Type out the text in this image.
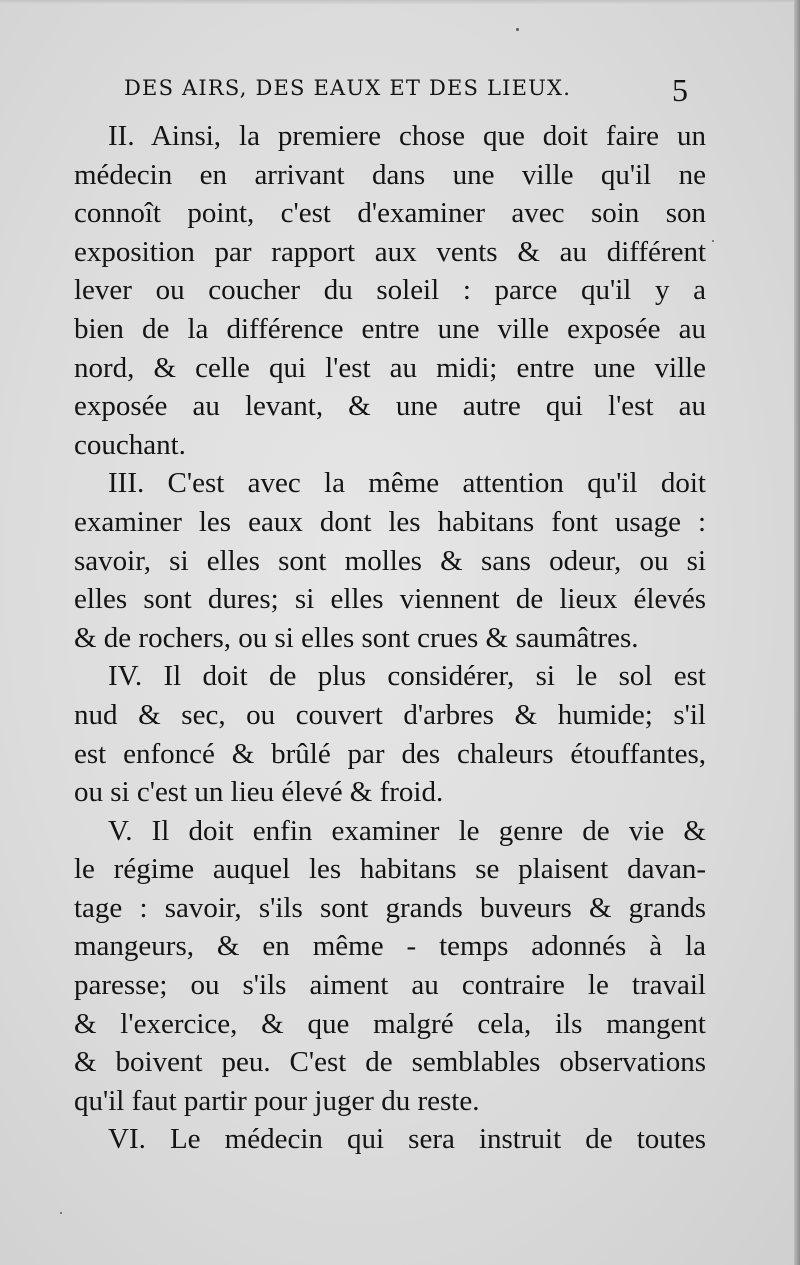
DES AIRS, DES EAUX ET DES LIEUX.	5
II. Ainsi, la premiere chose que doit faire un
médecin en arrivant dans une ville qu'il ne
connoît point, c'est d'examiner avec soin son
exposition par rapport aux vents & au différent
lever ou coucher du soleil : parce qu'il y a
bien de la différence entre une ville exposée au
nord, & celle qui l'est au midi; entre une ville
exposée au levant, & une autre qui l'est au
couchant.
III. C'est avec la même attention qu'il doit
examiner les eaux dont les habitans font usage :
savoir, si elles sont molles & sans odeur, ou si
elles sont dures; si elles viennent de lieux élevés
& de rochers, ou si elles sont crues & saumâtres.
IV. Il doit de plus considérer, si le sol est
nud & sec, ou couvert d'arbres & humide; s'il
est enfoncé & brûlé par des chaleurs étouffantes,
ou si c'est un lieu élevé & froid.
V. Il doit enfin examiner le genre de vie &
le régime auquel les habitans se plaisent davan-
tage : savoir, s'ils sont grands buveurs & grands
mangeurs, & en même - temps adonnés à la
paresse; ou s'ils aiment au contraire le travail
& l'exercice, & que malgré cela, ils mangent
& boivent peu. C'est de semblables observations
qu'il faut partir pour juger du reste.
VI. Le médecin qui sera instruit de toutes
